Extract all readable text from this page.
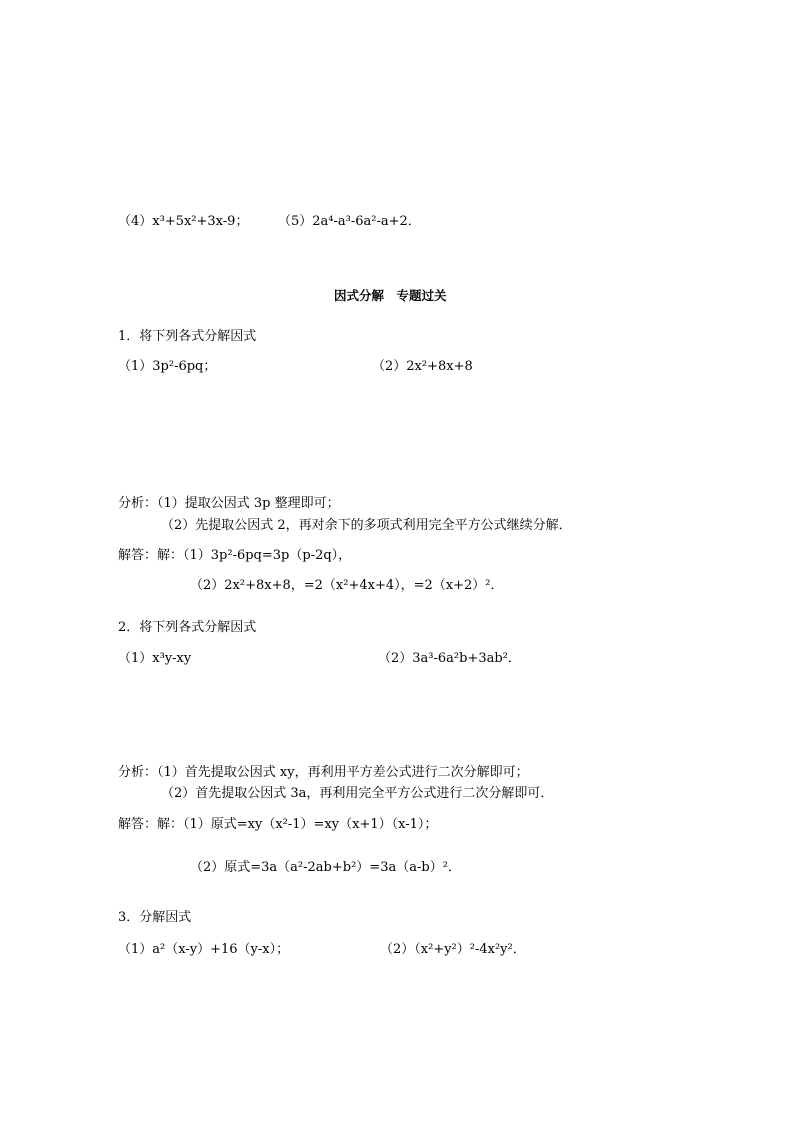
（4）x³+5x²+3x-9； （5）2a⁴-a³-6a²-a+2．
因式分解　专题过关
1．将下列各式分解因式
（1）3p²-6pq；	（2）2x²+8x+8
分析：（1）提取公因式 3p 整理即可；
（2）先提取公因式 2，再对余下的多项式利用完全平方公式继续分解．
解答：解：（1）3p²-6pq=3p（p-2q），
（2）2x²+8x+8，=2（x²+4x+4），=2（x+2）²．
2．将下列各式分解因式
（1）x³y-xy	（2）3a³-6a²b+3ab²．
分析：（1）首先提取公因式 xy，再利用平方差公式进行二次分解即可；
（2）首先提取公因式 3a，再利用完全平方公式进行二次分解即可．
解答：解：（1）原式=xy（x²-1）=xy（x+1）（x-1）；
（2）原式=3a（a²-2ab+b²）=3a（a-b）²．
3．分解因式
（1）a²（x-y）+16（y-x）；	（2）（x²+y²）²-4x²y²．
